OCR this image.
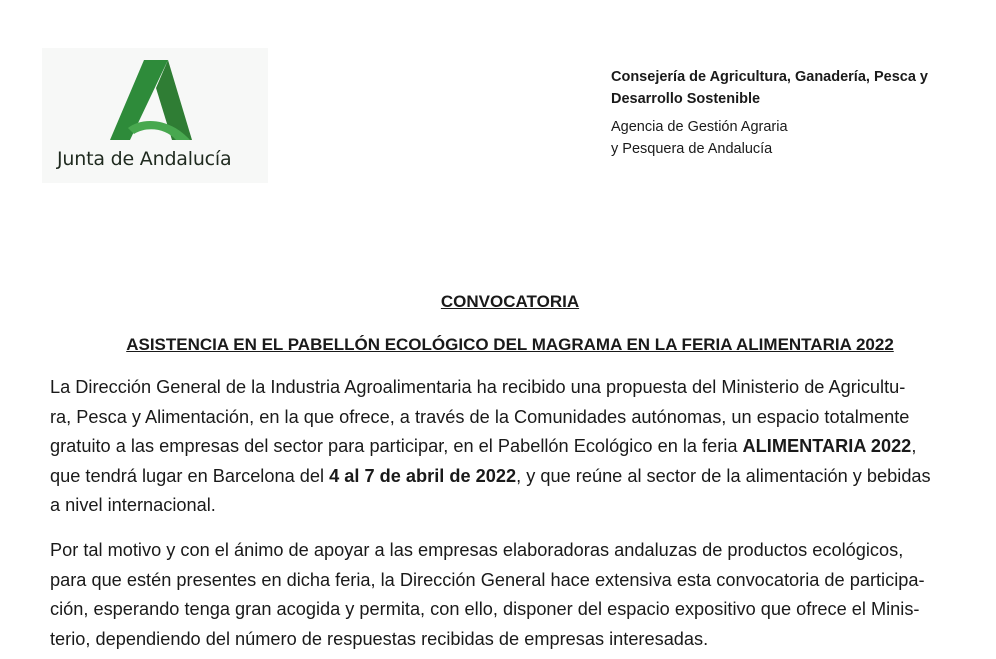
Junta de Andalucía
Consejería de Agricultura, Ganadería, Pesca y
Desarrollo Sostenible
Agencia de Gestión Agraria
y Pesquera de Andalucía
CONVOCATORIA
ASISTENCIA EN EL PABELLÓN ECOLÓGICO DEL MAGRAMA EN LA FERIA ALIMENTARIA 2022
La Dirección General de la Industria Agroalimentaria ha recibido una propuesta del Ministerio de Agricultu-
ra, Pesca y Alimentación, en la que ofrece, a través de la Comunidades autónomas, un espacio totalmente
gratuito a las empresas del sector para participar, en el Pabellón Ecológico en la feria ALIMENTARIA 2022,
que tendrá lugar en Barcelona del 4 al 7 de abril de 2022, y que reúne al sector de la alimentación y bebidas
a nivel internacional.
Por tal motivo y con el ánimo de apoyar a las empresas elaboradoras andaluzas de productos ecológicos,
para que estén presentes en dicha feria, la Dirección General hace extensiva esta convocatoria de participa-
ción, esperando tenga gran acogida y permita, con ello, disponer del espacio expositivo que ofrece el Minis-
terio, dependiendo del número de respuestas recibidas de empresas interesadas.
